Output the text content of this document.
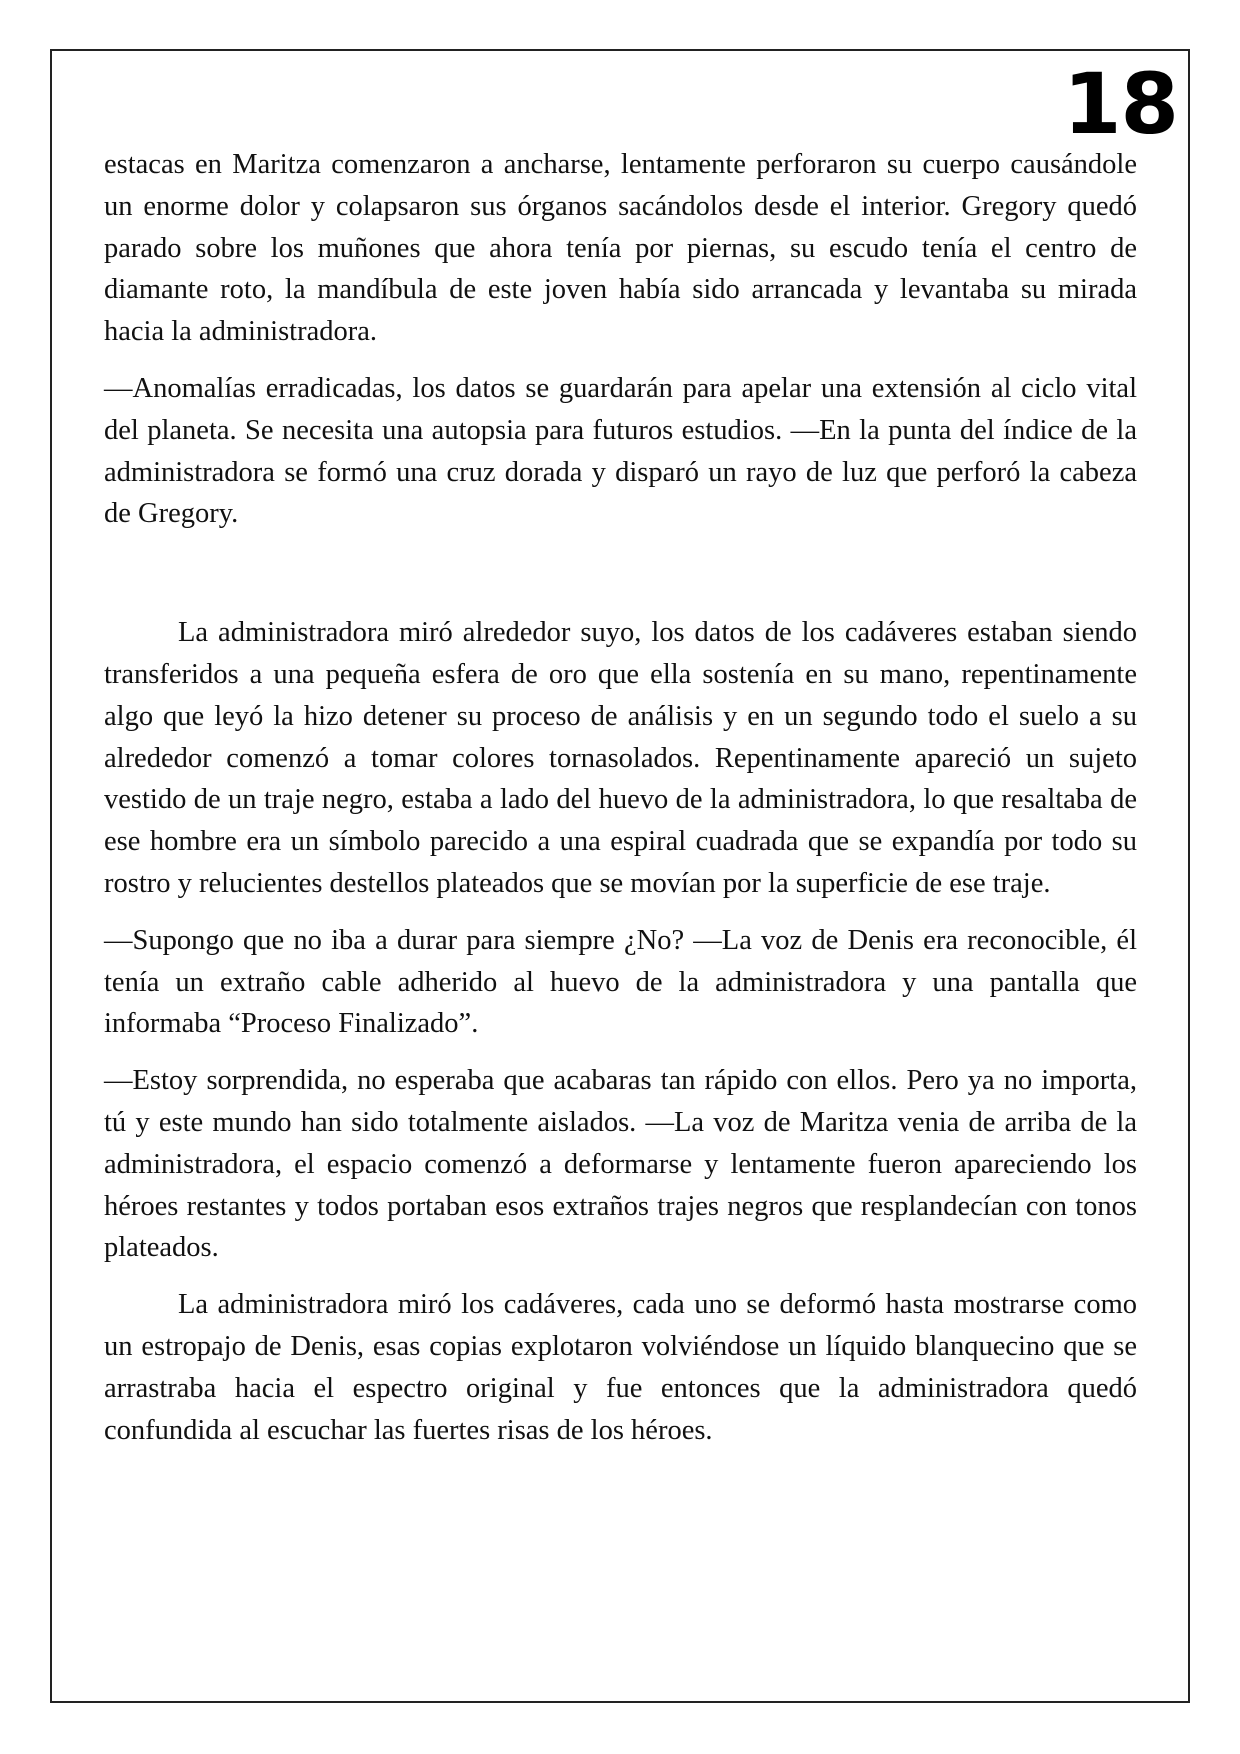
18

estacas en Maritza comenzaron a ancharse, lentamente perforaron su cuerpo causándole un enorme dolor y colapsaron sus órganos sacándolos desde el interior. Gregory quedó parado sobre los muñones que ahora tenía por piernas, su escudo tenía el centro de diamante roto, la mandíbula de este joven había sido arrancada y levantaba su mirada hacia la administradora.

—Anomalías erradicadas, los datos se guardarán para apelar una extensión al ciclo vital del planeta. Se necesita una autopsia para futuros estudios. —En la punta del índice de la administradora se formó una cruz dorada y disparó un rayo de luz que perforó la cabeza de Gregory.

La administradora miró alrededor suyo, los datos de los cadáveres estaban siendo transferidos a una pequeña esfera de oro que ella sostenía en su mano, repentinamente algo que leyó la hizo detener su proceso de análisis y en un segundo todo el suelo a su alrededor comenzó a tomar colores tornasolados. Repentinamente apareció un sujeto vestido de un traje negro, estaba a lado del huevo de la administradora, lo que resaltaba de ese hombre era un símbolo parecido a una espiral cuadrada que se expandía por todo su rostro y relucientes destellos plateados que se movían por la superficie de ese traje.

—Supongo que no iba a durar para siempre ¿No? —La voz de Denis era reconocible, él tenía un extraño cable adherido al huevo de la administradora y una pantalla que informaba “Proceso Finalizado”.

—Estoy sorprendida, no esperaba que acabaras tan rápido con ellos. Pero ya no importa, tú y este mundo han sido totalmente aislados. —La voz de Maritza venia de arriba de la administradora, el espacio comenzó a deformarse y lentamente fueron apareciendo los héroes restantes y todos portaban esos extraños trajes negros que resplandecían con tonos plateados.

La administradora miró los cadáveres, cada uno se deformó hasta mostrarse como un estropajo de Denis, esas copias explotaron volviéndose un líquido blanquecino que se arrastraba hacia el espectro original y fue entonces que la administradora quedó confundida al escuchar las fuertes risas de los héroes.
